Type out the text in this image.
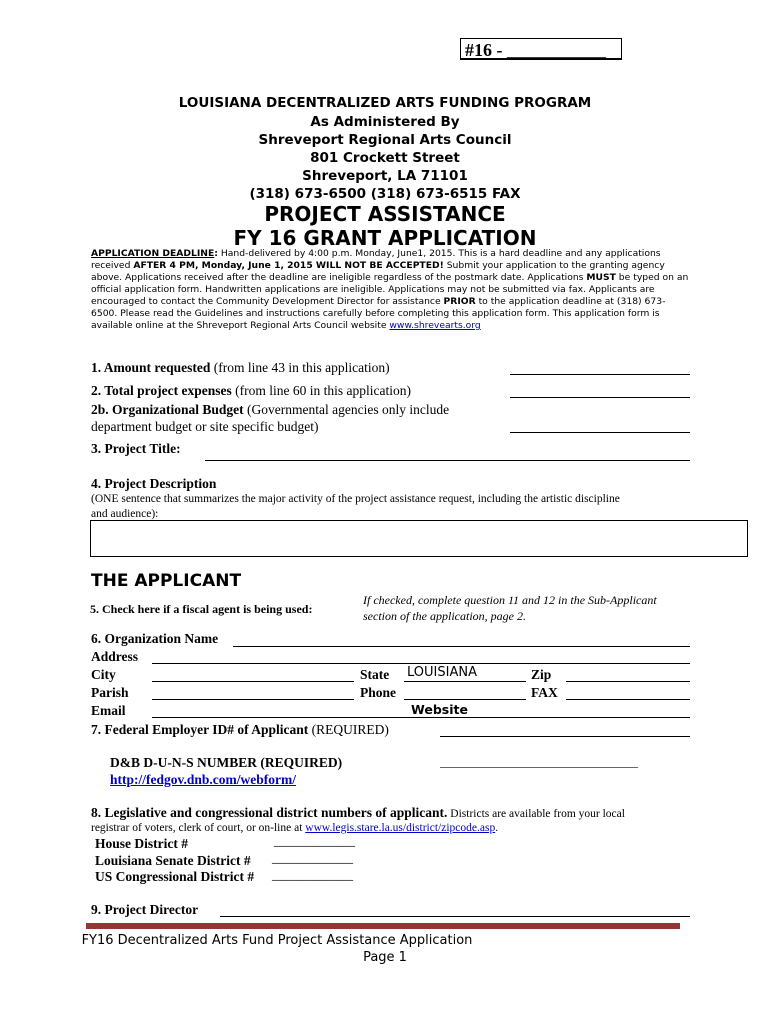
#16 - ___________
LOUISIANA DECENTRALIZED ARTS FUNDING PROGRAM
As Administered By
Shreveport Regional Arts Council
801 Crockett Street
Shreveport, LA 71101
(318) 673-6500 (318) 673-6515 FAX
PROJECT ASSISTANCE
FY 16 GRANT APPLICATION
APPLICATION DEADLINE: Hand-delivered by 4:00 p.m. Monday, June1, 2015. This is a hard deadline and any applications received AFTER 4 PM, Monday, June 1, 2015 WILL NOT BE ACCEPTED! Submit your application to the granting agency above. Applications received after the deadline are ineligible regardless of the postmark date. Applications MUST be typed on an official application form. Handwritten applications are ineligible. Applications may not be submitted via fax. Applicants are encouraged to contact the Community Development Director for assistance PRIOR to the application deadline at (318) 673-6500. Please read the Guidelines and instructions carefully before completing this application form. This application form is available online at the Shreveport Regional Arts Council website www.shrevearts.org
1. Amount requested (from line 43 in this application)
2. Total project expenses (from line 60 in this application)
2b. Organizational Budget (Governmental agencies only include
department budget or site specific budget)
3. Project Title:
4. Project Description
(ONE sentence that summarizes the major activity of the project assistance request, including the artistic discipline
and audience):
THE APPLICANT
5. Check here if a fiscal agent is being used:
If checked, complete question 11 and 12 in the Sub-Applicant
section of the application, page 2.
6. Organization Name
Address
City	State LOUISIANA	Zip
Parish	Phone	FAX
Email	Website
7. Federal Employer ID# of Applicant (REQUIRED)
D&B D-U-N-S NUMBER (REQUIRED)
http://fedgov.dnb.com/webform/
_________________________________
8. Legislative and congressional district numbers of applicant. Districts are available from your local
registrar of voters, clerk of court, or on-line at www.legis.stare.la.us/district/zipcode.asp.
House District #	____________
Louisiana Senate District # ____________
US Congressional District # ____________
9. Project Director
FY16 Decentralized Arts Fund Project Assistance Application
Page 1
